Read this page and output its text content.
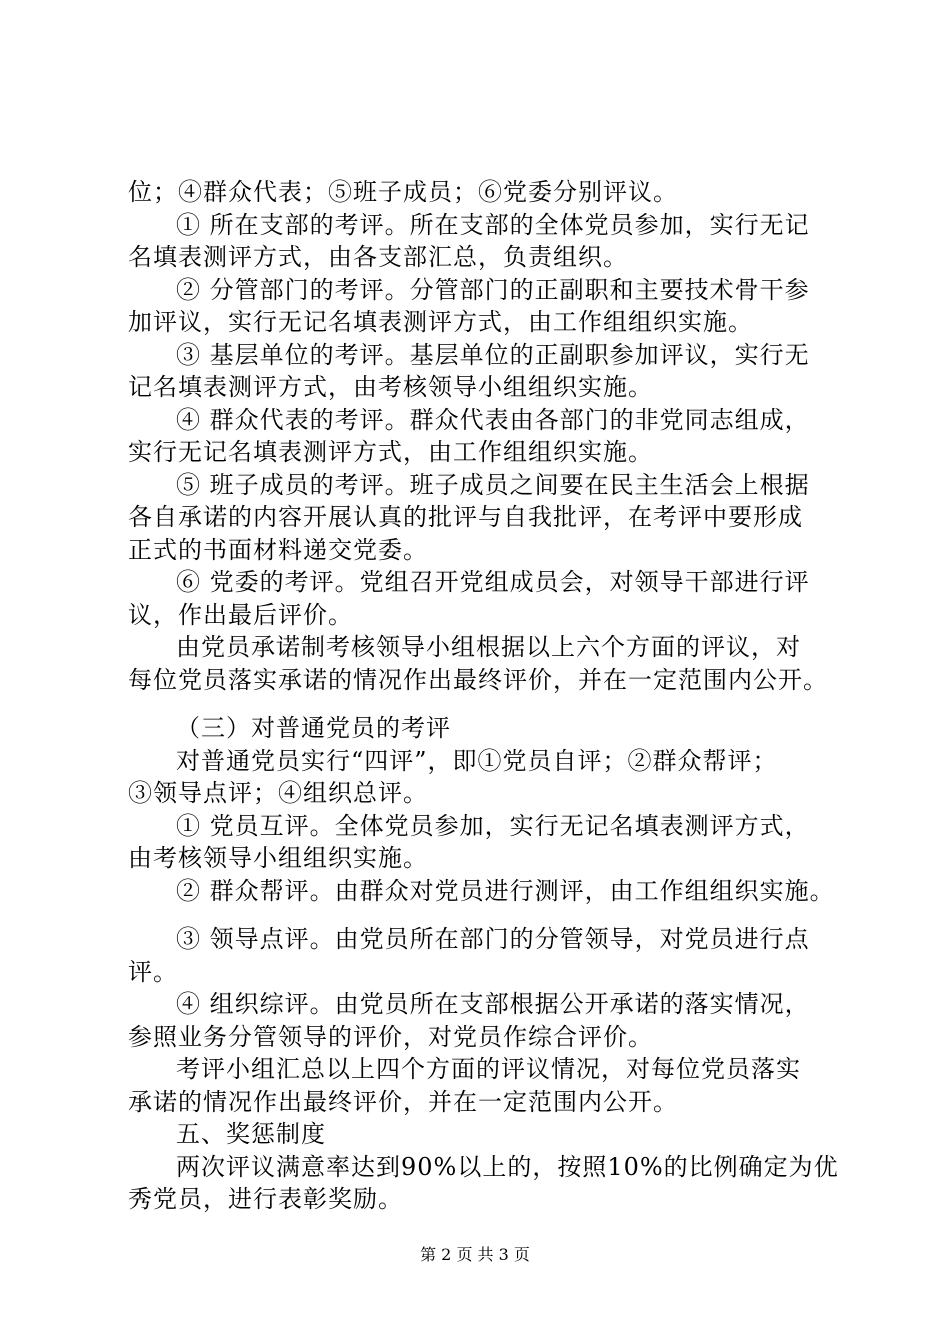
位；④群众代表；⑤班子成员；⑥党委分别评议。
① 所在支部的考评。所在支部的全体党员参加，实行无记
名填表测评方式，由各支部汇总，负责组织。
② 分管部门的考评。分管部门的正副职和主要技术骨干参
加评议，实行无记名填表测评方式，由工作组组织实施。
③ 基层单位的考评。基层单位的正副职参加评议，实行无
记名填表测评方式，由考核领导小组组织实施。
④ 群众代表的考评。群众代表由各部门的非党同志组成，
实行无记名填表测评方式，由工作组组织实施。
⑤ 班子成员的考评。班子成员之间要在民主生活会上根据
各自承诺的内容开展认真的批评与自我批评，在考评中要形成
正式的书面材料递交党委。
⑥ 党委的考评。党组召开党组成员会，对领导干部进行评
议，作出最后评价。
由党员承诺制考核领导小组根据以上六个方面的评议，对
每位党员落实承诺的情况作出最终评价，并在一定范围内公开。
（三）对普通党员的考评
对普通党员实行“四评”，即①党员自评；②群众帮评；
③领导点评；④组织总评。
① 党员互评。全体党员参加，实行无记名填表测评方式，
由考核领导小组组织实施。
② 群众帮评。由群众对党员进行测评，由工作组组织实施。
③ 领导点评。由党员所在部门的分管领导，对党员进行点
评。
④ 组织综评。由党员所在支部根据公开承诺的落实情况，
参照业务分管领导的评价，对党员作综合评价。
考评小组汇总以上四个方面的评议情况，对每位党员落实
承诺的情况作出最终评价，并在一定范围内公开。
五、奖惩制度
两次评议满意率达到90%以上的，按照10%的比例确定为优
秀党员，进行表彰奖励。
第 2 页 共 3 页
